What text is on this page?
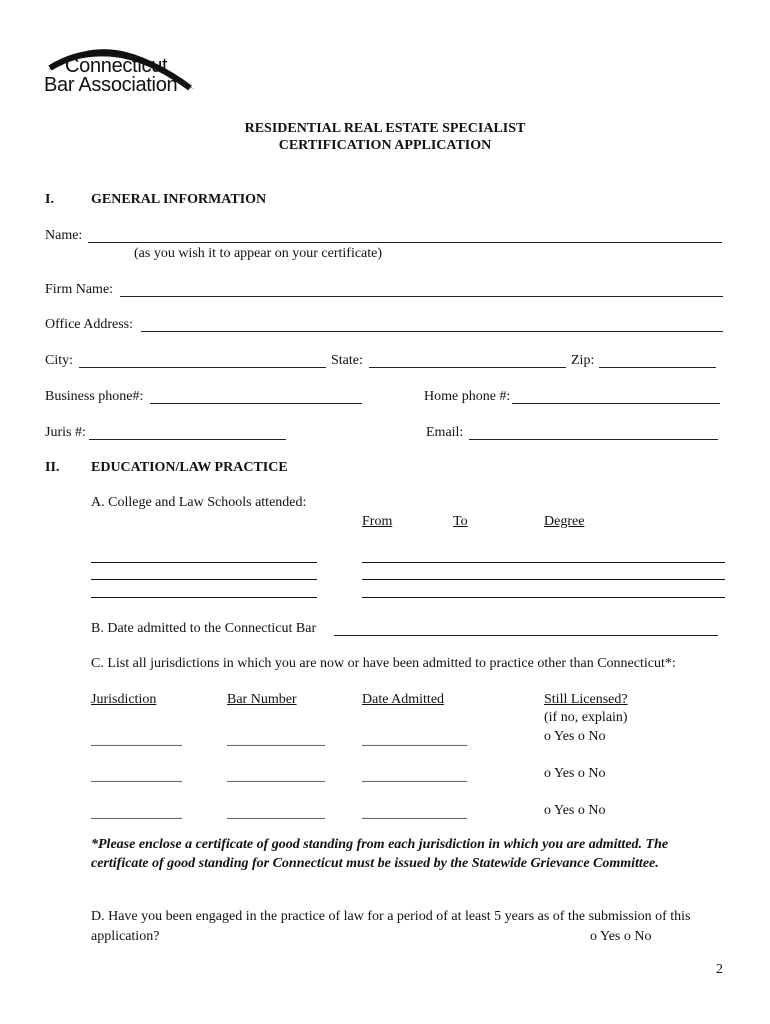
Connecticut
Bar Association
RESIDENTIAL REAL ESTATE SPECIALIST
CERTIFICATION APPLICATION
I.	GENERAL INFORMATION
Name:
(as you wish it to appear on your certificate)
Firm Name:
Office Address:
City:	State:	Zip:
Business phone#:	Home phone #:
Juris #:	Email:
II. EDUCATION/LAW PRACTICE
A. College and Law Schools attended:
From	To	Degree
B. Date admitted to the Connecticut Bar
C. List all jurisdictions in which you are now or have been admitted to practice other than Connecticut*:
Jurisdiction	Bar Number	Date Admitted	Still Licensed?
(if no, explain)
_____________	______________	_______________	o Yes o No
_____________	______________	_______________	o Yes o No
_____________	______________	_______________	o Yes o No
*Please enclose a certificate of good standing from each jurisdiction in which you are admitted. The
certificate of good standing for Connecticut must be issued by the Statewide Grievance Committee.
D. Have you been engaged in the practice of law for a period of at least 5 years as of the submission of this
application?	o Yes o No
2
